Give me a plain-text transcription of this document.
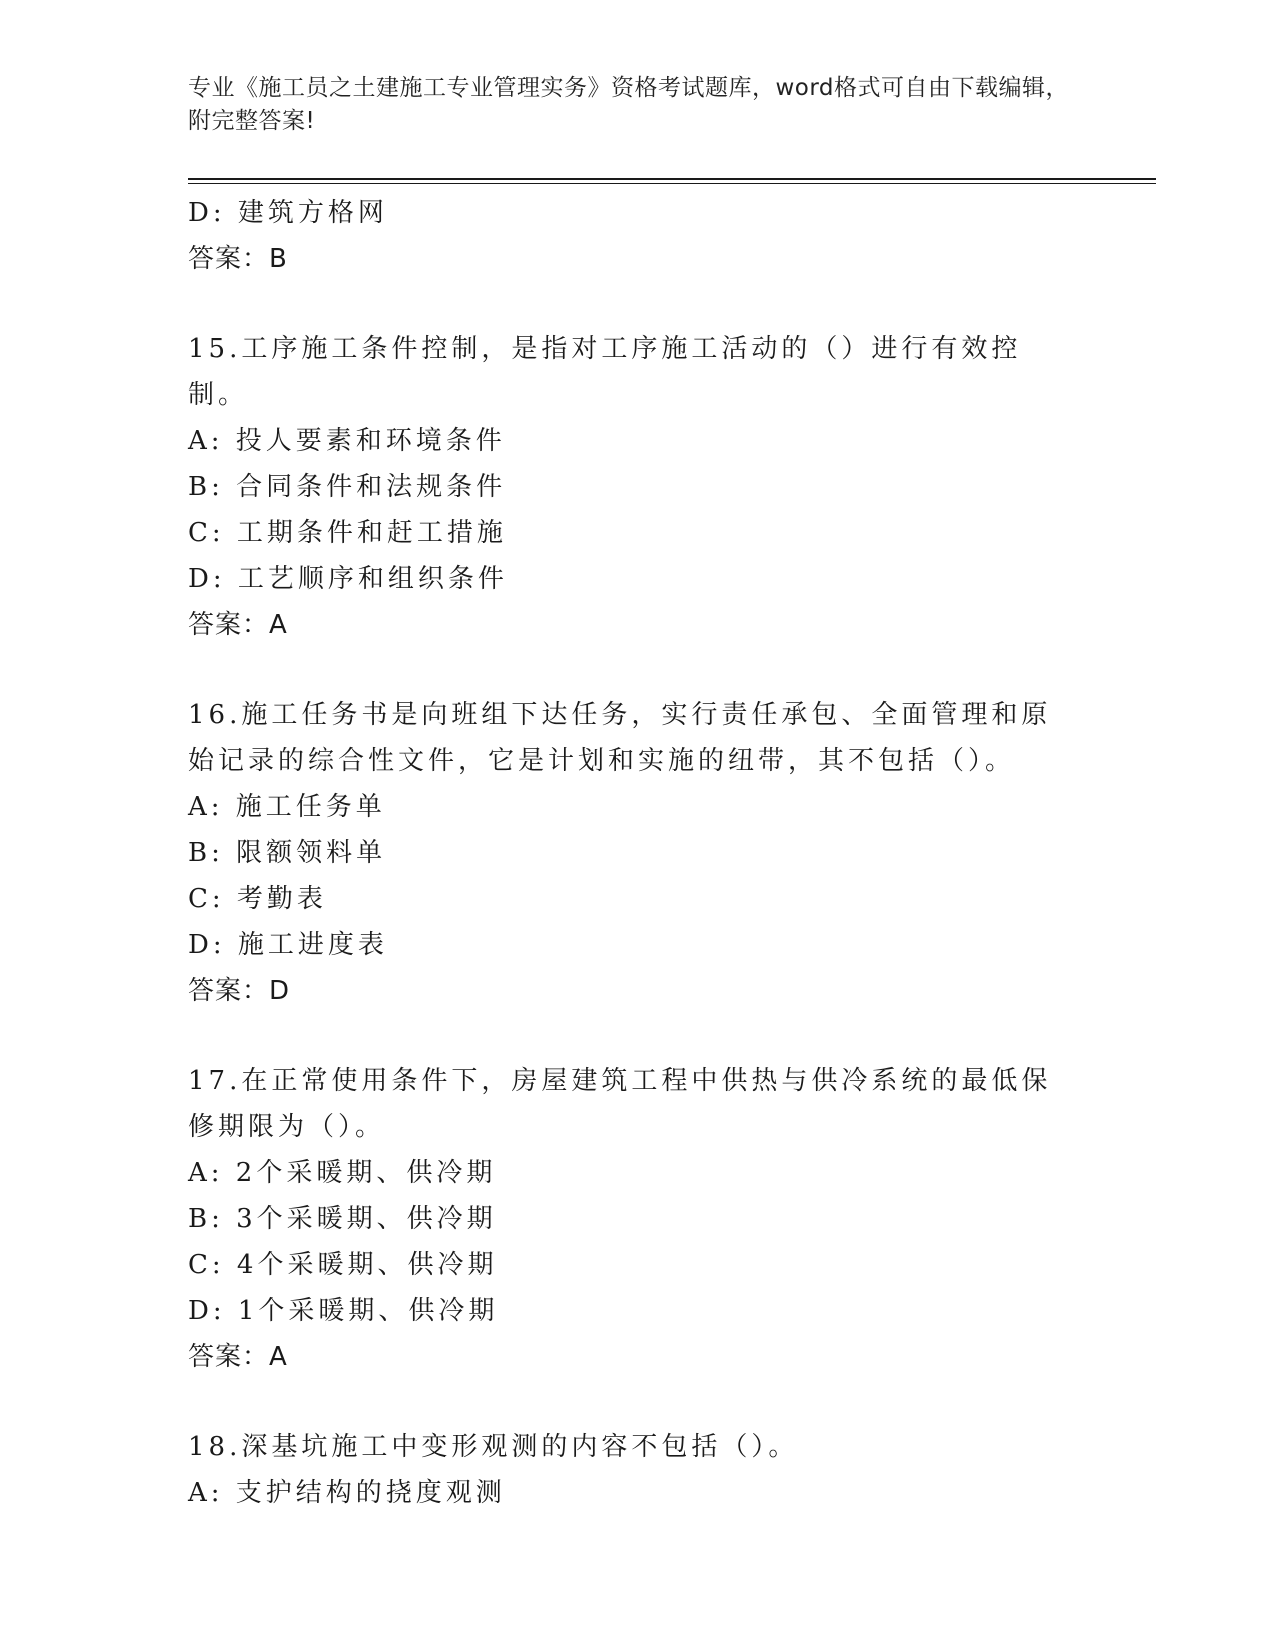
专业《施工员之土建施工专业管理实务》资格考试题库，word格式可自由下载编辑，附完整答案!
D: 建筑方格网
答案：B
15.工序施工条件控制，是指对工序施工活动的（）进行有效控制。
A: 投人要素和环境条件
B: 合同条件和法规条件
C: 工期条件和赶工措施
D: 工艺顺序和组织条件
答案：A
16.施工任务书是向班组下达任务，实行责任承包、全面管理和原始记录的综合性文件，它是计划和实施的纽带，其不包括（）。
A: 施工任务单
B: 限额领料单
C: 考勤表
D: 施工进度表
答案：D
17.在正常使用条件下，房屋建筑工程中供热与供冷系统的最低保修期限为（）。
A: 2个采暖期、供冷期
B: 3个采暖期、供冷期
C: 4个采暖期、供冷期
D: 1个采暖期、供冷期
答案：A
18.深基坑施工中变形观测的内容不包括（）。
A: 支护结构的挠度观测
